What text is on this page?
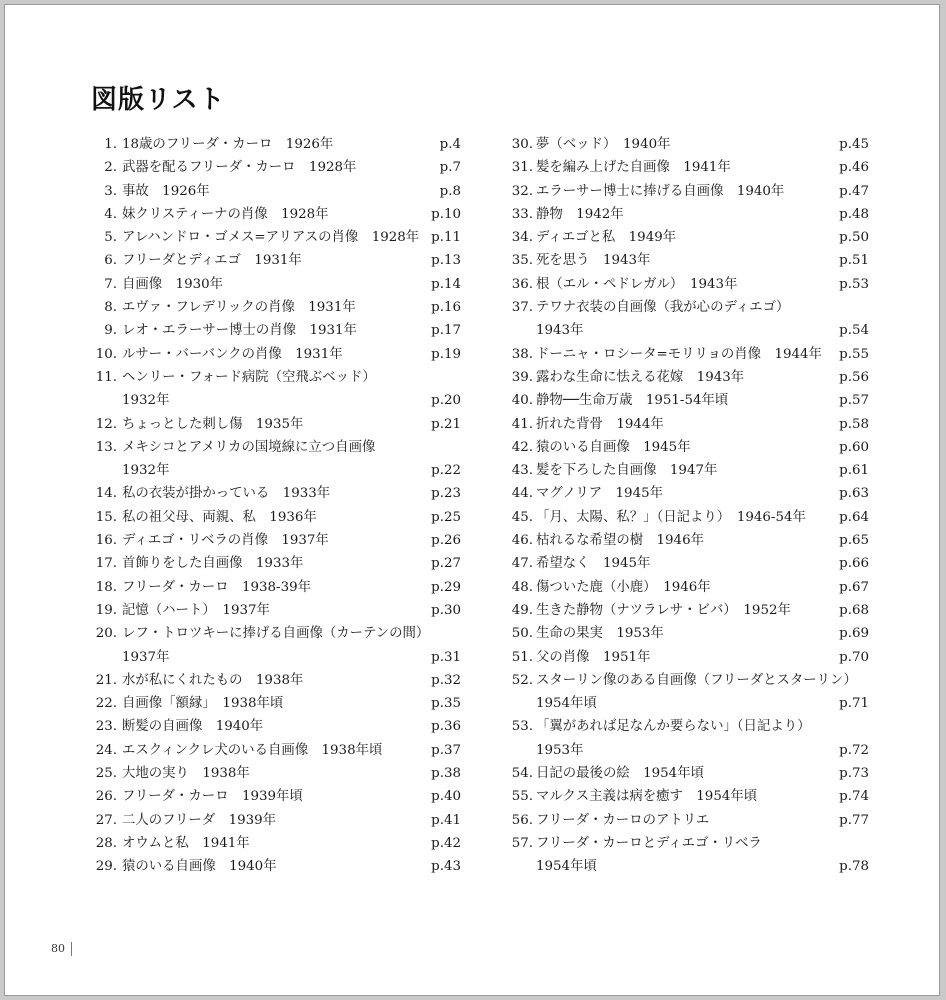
図版リスト
1. 18歳のフリーダ・カーロ　1926年	p.4
2. 武器を配るフリーダ・カーロ　1928年	p.7
3. 事故　1926年	p.8
4. 妹クリスティーナの肖像　1928年	p.10
5. アレハンドロ・ゴメス=アリアスの肖像　1928年 p.11
6. フリーダとディエゴ　1931年	p.13
7. 自画像　1930年	p.14
8. エヴァ・フレデリックの肖像　1931年	p.16
9. レオ・エラーサー博士の肖像　1931年	p.17
10. ルサー・バーバンクの肖像　1931年	p.19
11. ヘンリー・フォード病院（空飛ぶベッド）
1932年	p.20
12. ちょっとした刺し傷　1935年	p.21
13. メキシコとアメリカの国境線に立つ自画像
1932年	p.22
14. 私の衣装が掛かっている　1933年	p.23
15. 私の祖父母、両親、私　1936年	p.25
16. ディエゴ・リベラの肖像　1937年	p.26
17. 首飾りをした自画像　1933年	p.27
18. フリーダ・カーロ　1938-39年	p.29
19. 記憶（ハート）　1937年	p.30
20. レフ・トロツキーに捧げる自画像（カーテンの間）
1937年	p.31
21. 水が私にくれたもの　1938年	p.32
22. 自画像「額縁」　1938年頃	p.35
23. 断髪の自画像　1940年	p.36
24. エスクィンクレ犬のいる自画像　1938年頃	p.37
25. 大地の実り　1938年	p.38
26. フリーダ・カーロ　1939年頃	p.40
27. 二人のフリーダ　1939年	p.41
28. オウムと私　1941年	p.42
29. 猿のいる自画像　1940年	p.43
30. 夢（ベッド）　1940年	p.45
31. 髪を編み上げた自画像　1941年	p.46
32. エラーサー博士に捧げる自画像　1940年	p.47
33. 静物　1942年	p.48
34. ディエゴと私　1949年	p.50
35. 死を思う　1943年	p.51
36. 根（エル・ペドレガル）　1943年	p.53
37. テワナ衣装の自画像（我が心のディエゴ）
1943年	p.54
38. ドーニャ・ロシータ=モリリョの肖像　1944年 p.55
39. 露わな生命に怯える花嫁　1943年	p.56
40. 静物──生命万歳　1951-54年頃	p.57
41. 折れた背骨　1944年	p.58
42. 猿のいる自画像　1945年	p.60
43. 髪を下ろした自画像　1947年	p.61
44. マグノリア　1945年	p.63
45. 「月、太陽、私？」（日記より）　1946-54年 p.64
46. 枯れるな希望の樹　1946年	p.65
47. 希望なく　1945年	p.66
48. 傷ついた鹿（小鹿）　1946年	p.67
49. 生きた静物（ナツラレサ・ビバ）　1952年	p.68
50. 生命の果実　1953年	p.69
51. 父の肖像　1951年	p.70
52. スターリン像のある自画像（フリーダとスターリン）
1954年頃	p.71
53. 「翼があれば足なんか要らない」（日記より）
1953年	p.72
54. 日記の最後の絵　1954年頃	p.73
55. マルクス主義は病を癒す　1954年頃	p.74
56. フリーダ・カーロのアトリエ	p.77
57. フリーダ・カーロとディエゴ・リベラ
1954年頃	p.78
80
